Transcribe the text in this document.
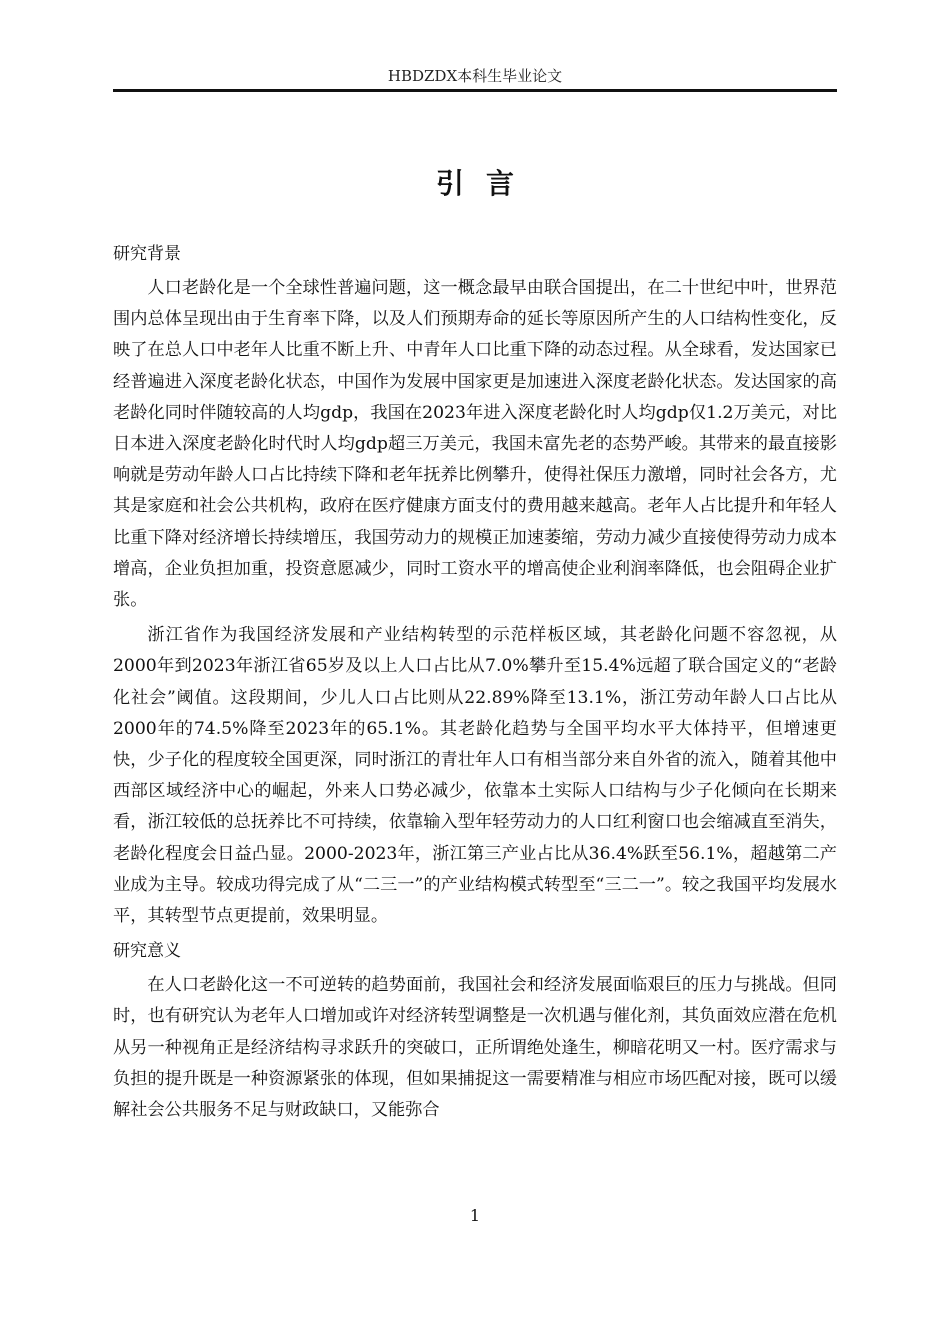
HBDZDX本科生毕业论文
引言
研究背景

人口老龄化是一个全球性普遍问题，这一概念最早由联合国提出，在二十世纪中叶，世界范围内总体呈现出由于生育率下降，以及人们预期寿命的延长等原因所产生的人口结构性变化，反映了在总人口中老年人比重不断上升、中青年人口比重下降的动态过程。从全球看，发达国家已经普遍进入深度老龄化状态，中国作为发展中国家更是加速进入深度老龄化状态。发达国家的高老龄化同时伴随较高的人均gdp，我国在2023年进入深度老龄化时人均gdp仅1.2万美元，对比日本进入深度老龄化时代时人均gdp超三万美元，我国未富先老的态势严峻。其带来的最直接影响就是劳动年龄人口占比持续下降和老年抚养比例攀升，使得社保压力激增，同时社会各方，尤其是家庭和社会公共机构，政府在医疗健康方面支付的费用越来越高。老年人占比提升和年轻人比重下降对经济增长持续增压，我国劳动力的规模正加速萎缩，劳动力减少直接使得劳动力成本增高，企业负担加重，投资意愿减少，同时工资水平的增高使企业利润率降低，也会阻碍企业扩张。

浙江省作为我国经济发展和产业结构转型的示范样板区域，其老龄化问题不容忽视，从2000年到2023年浙江省65岁及以上人口占比从7.0%攀升至15.4%远超了联合国定义的“老龄化社会”阈值。这段期间，少儿人口占比则从22.89%降至13.1%，浙江劳动年龄人口占比从2000年的74.5%降至2023年的65.1%。其老龄化趋势与全国平均水平大体持平，但增速更快，少子化的程度较全国更深，同时浙江的青壮年人口有相当部分来自外省的流入，随着其他中西部区域经济中心的崛起，外来人口势必减少，依靠本土实际人口结构与少子化倾向在长期来看，浙江较低的总抚养比不可持续，依靠输入型年轻劳动力的人口红利窗口也会缩减直至消失，老龄化程度会日益凸显。2000-2023年，浙江第三产业占比从36.4%跃至56.1%，超越第二产业成为主导。较成功得完成了从“二三一”的产业结构模式转型至“三二一”。较之我国平均发展水平，其转型节点更提前，效果明显。

研究意义

在人口老龄化这一不可逆转的趋势面前，我国社会和经济发展面临艰巨的压力与挑战。但同时，也有研究认为老年人口增加或许对经济转型调整是一次机遇与催化剂，其负面效应潜在危机从另一种视角正是经济结构寻求跃升的突破口，正所谓绝处逢生，柳暗花明又一村。医疗需求与负担的提升既是一种资源紧张的体现，但如果捕捉这一需要精准与相应市场匹配对接，既可以缓解社会公共服务不足与财政缺口，又能弥合

1
